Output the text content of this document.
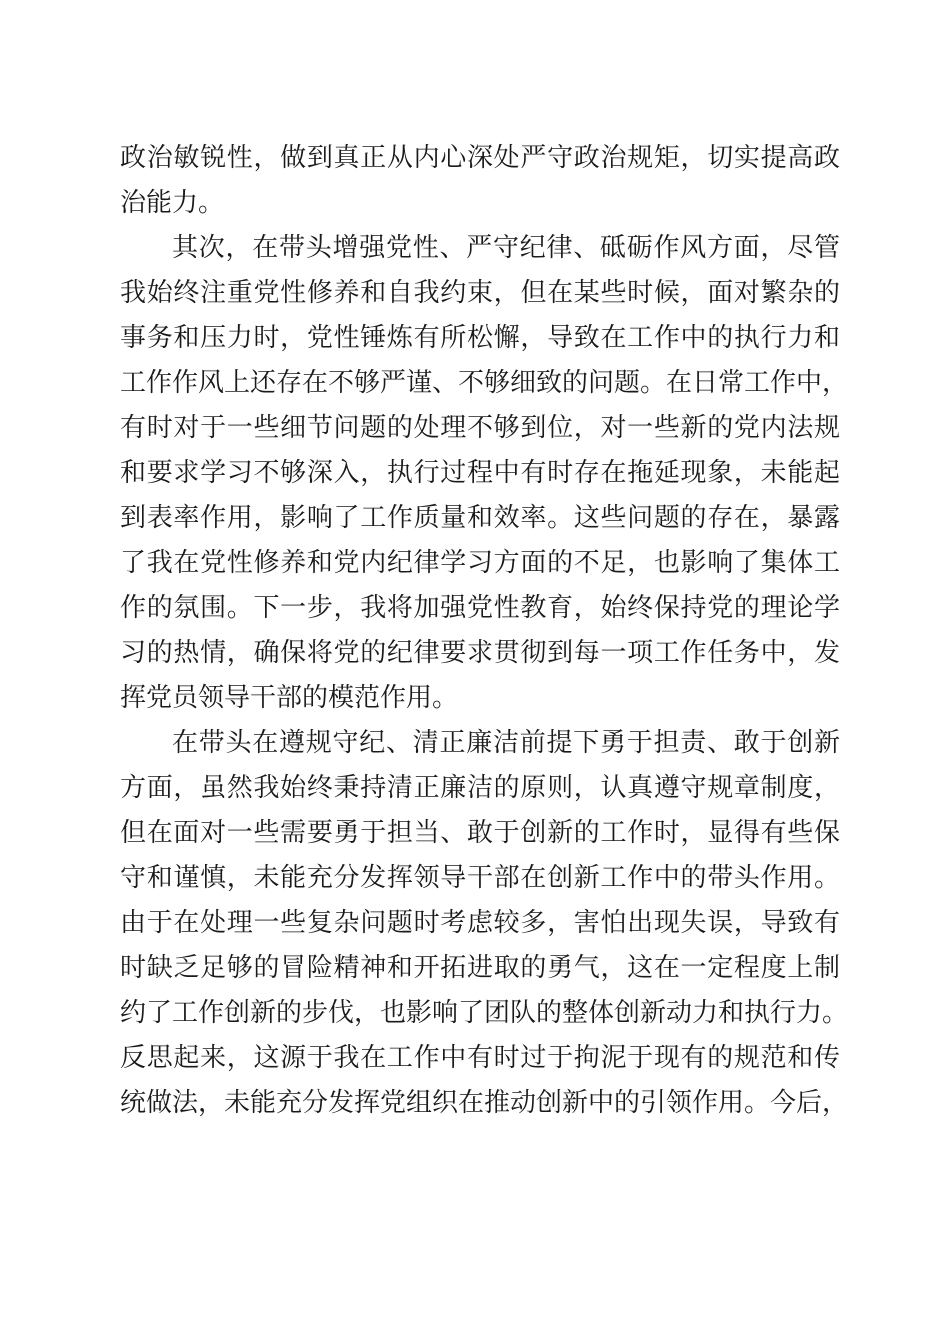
政治敏锐性，做到真正从内心深处严守政治规矩，切实提高政
治能力。
其次，在带头增强党性、严守纪律、砥砺作风方面，尽管
我始终注重党性修养和自我约束，但在某些时候，面对繁杂的
事务和压力时，党性锤炼有所松懈，导致在工作中的执行力和
工作作风上还存在不够严谨、不够细致的问题。在日常工作中，
有时对于一些细节问题的处理不够到位，对一些新的党内法规
和要求学习不够深入，执行过程中有时存在拖延现象，未能起
到表率作用，影响了工作质量和效率。这些问题的存在，暴露
了我在党性修养和党内纪律学习方面的不足，也影响了集体工
作的氛围。下一步，我将加强党性教育，始终保持党的理论学
习的热情，确保将党的纪律要求贯彻到每一项工作任务中，发
挥党员领导干部的模范作用。
在带头在遵规守纪、清正廉洁前提下勇于担责、敢于创新
方面，虽然我始终秉持清正廉洁的原则，认真遵守规章制度，
但在面对一些需要勇于担当、敢于创新的工作时，显得有些保
守和谨慎，未能充分发挥领导干部在创新工作中的带头作用。
由于在处理一些复杂问题时考虑较多，害怕出现失误，导致有
时缺乏足够的冒险精神和开拓进取的勇气，这在一定程度上制
约了工作创新的步伐，也影响了团队的整体创新动力和执行力。
反思起来，这源于我在工作中有时过于拘泥于现有的规范和传
统做法，未能充分发挥党组织在推动创新中的引领作用。今后，
